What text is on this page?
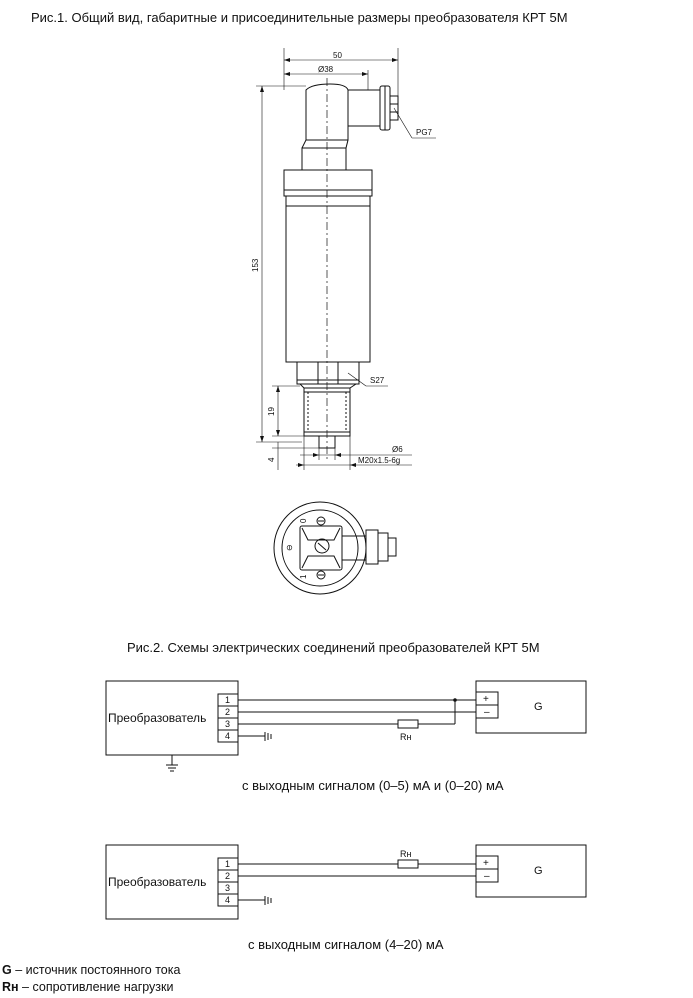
Рис.1. Общий вид, габаритные и присоединительные размеры преобразователя КРТ 5М
50
Ø38
PG7
153
S27
19
4
Ø6
M20x1.5-6g
0
⊖
1
Рис.2. Схемы электрических соединений преобразователей КРТ 5М
Преобразователь
1
2
3
4
+
–	G
Rн
Преобразователь
1
2
3
4
+
–	G
Rн
с выходным сигналом (0–5) мА и (0–20) мА
с выходным сигналом (4–20) мА
G – источник постоянного тока
Rн – сопротивление нагрузки
